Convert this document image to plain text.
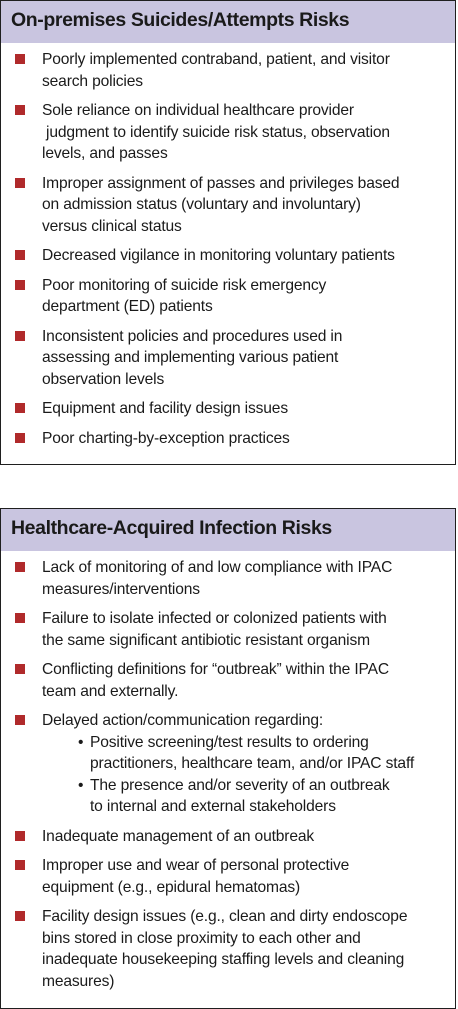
On-premises Suicides/Attempts Risks
Poorly implemented contraband, patient, and visitor
search policies
Sole reliance on individual healthcare provider
judgment to identify suicide risk status, observation
levels, and passes
Improper assignment of passes and privileges based
on admission status (voluntary and involuntary)
versus clinical status
Decreased vigilance in monitoring voluntary patients
Poor monitoring of suicide risk emergency
department (ED) patients
Inconsistent policies and procedures used in
assessing and implementing various patient
observation levels
Equipment and facility design issues
Poor charting-by-exception practices
Healthcare-Acquired Infection Risks
Lack of monitoring of and low compliance with IPAC
measures/interventions
Failure to isolate infected or colonized patients with
the same significant antibiotic resistant organism
Conflicting definitions for “outbreak” within the IPAC
team and externally.
Delayed action/communication regarding:
• Positive screening/test results to ordering
practitioners, healthcare team, and/or IPAC staff
• The presence and/or severity of an outbreak
to internal and external stakeholders
Inadequate management of an outbreak
Improper use and wear of personal protective
equipment (e.g., epidural hematomas)
Facility design issues (e.g., clean and dirty endoscope
bins stored in close proximity to each other and
inadequate housekeeping staffing levels and cleaning
measures)
